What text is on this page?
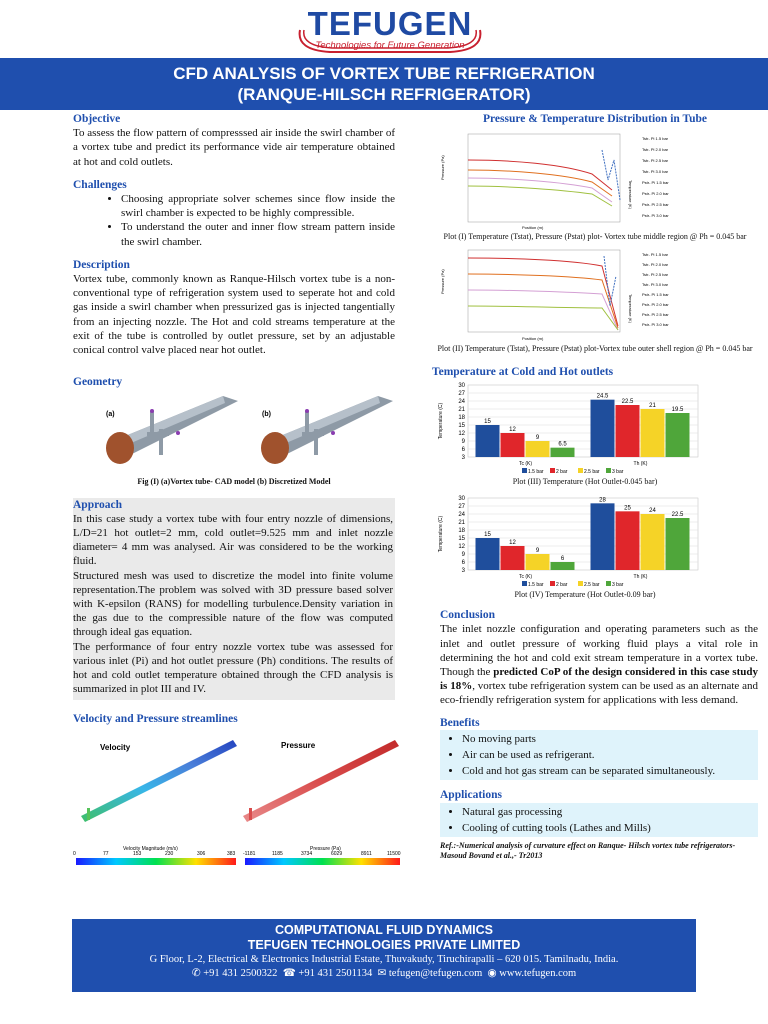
TEFUGEN
Technologies for Future Generation
CFD ANALYSIS OF VORTEX TUBE REFRIGERATION
(RANQUE-HILSCH REFRIGERATOR)
Objective

To assess the flow pattern of compresssed air inside the swirl chamber of a vortex tube and predict its performance vide air temperature obtained at hot and cold outlets.

Challenges
• Choosing appropriate solver schemes since flow inside the swirl chamber is expected to be highly compressible.
• To understand the outer and inner flow stream pattern inside the swirl chamber.
Description

Vortex tube, commonly known as Ranque-Hilsch vortex tube is a non-conventional type of refrigeration system used to seperate hot and cold gas inside a swirl chamber when pressurized gas is injected tangentially from an injecting nozzle. The Hot and cold streams temperature at the exit of the tube is controlled by outlet pressure, set by an adjustable conical control valve placed near hot outlet.

Geometry
(a)	(b)
Fig (I) (a)Vortex tube- CAD model (b) Discretized Model
Approach

In this case study a vortex tube with four entry nozzle of dimensions, L/D=21 hot outlet=2 mm, cold outlet=9.525 mm and inlet nozzle diameter= 4 mm was analysed. Air was considered to be the working fluid.

Structured mesh was used to discretize the model into finite volume representation.The problem was solved with 3D pressure based solver with K-epsilon (RANS) for modelling turbulence.Density variation in the gas due to the compressible nature of the flow was computed through ideal gas equation.

The performance of four entry nozzle vortex tube was assessed for various inlet (Pi) and hot outlet pressure (Ph) conditions. The results of hot and cold outlet temperature obtained through the CFD analysis is summarized in plot III and IV.

Velocity and Pressure streamlines
Velocity	Pressure
Velocity Magnitude (m/s)
0	77	153	230	306	383
Pressure (Pa)
-1181	1185	3734	6029	8911	11500
Pressure & Temperature Distribution in Tube
Position (m)
Pressure (Pa)
Temperature (K)
Tstr- Pi 1.5 bar
Tstr- Pi 2.0 bar
Tstr- Pi 2.5 bar
Tstr- Pi 3.0 bar
Pstr- Pi 1.5 bar
Pstr- Pi 2.0 bar
Pstr- Pi 2.5 bar
Pstr- Pi 3.0 bar
Plot (I) Temperature (Tstat), Pressure (Pstat) plot- Vortex tube middle region @ Ph = 0.045 bar
Position (m)
Pressure (Pa)
Temperature (K)
Tstr- Pi 1.5 bar
Tstr- Pi 2.0 bar
Tstr- Pi 2.5 bar
Tstr- Pi 3.0 bar
Pstr- Pi 1.5 bar
Pstr- Pi 2.0 bar
Pstr- Pi 2.5 bar
Pstr- Pi 3.0 bar
Plot (II) Temperature (Tstat), Pressure (Pstat) plot-Vortex tube outer shell region @ Ph = 0.045 bar
Temperature at Cold and Hot outlets
3
6
9
12
15
18
21
24
27
30
Temperature (C)	15
12
9
6.5
Tc (K)
24.5
22.5
21
19.5
Th (K)
1.5 bar 2 bar	2.5 bar 3 bar
Plot (III) Temperature (Hot Outlet-0.045 bar)
3
6
9
12
15
18
21
24
27
30
Temperature (C)	15
12
9
6
Tc (K)
28
25	24
22.5
Th (K)
1.5 bar 2 bar	2.5 bar 3 bar
Plot (IV) Temperature (Hot Outlet-0.09 bar)
Conclusion

The inlet nozzle configuration and operating parameters such as the inlet and outlet pressure of working fluid plays a vital role in determining the hot and cold exit stream temperature in a vortex tube. Though the predicted CoP of the design considered in this case study is 18%, vortex tube refrigeration system can be used as an alternate and eco-friendly refrigeration system for applications with less demand.

Benefits
• No moving parts
• Air can be used as refrigerant.
• Cold and hot gas stream can be separated simultaneously.
Applications
• Natural gas processing
• Cooling of cutting tools (Lathes and Mills)
Ref.:-Numerical analysis of curvature effect on Ranque- Hilsch vortex tube refrigerators- Masoud Bovand et al.,- Tr2013
COMPUTATIONAL FLUID DYNAMICS
TEFUGEN TECHNOLOGIES PRIVATE LIMITED
G Floor, L-2, Electrical & Electronics Industrial Estate, Thuvakudy, Tiruchirapalli – 620 015. Tamilnadu, India.
✆ +91 431 2500322 ☎ +91 431 2501134 ✉ tefugen@tefugen.com ◉ www.tefugen.com
